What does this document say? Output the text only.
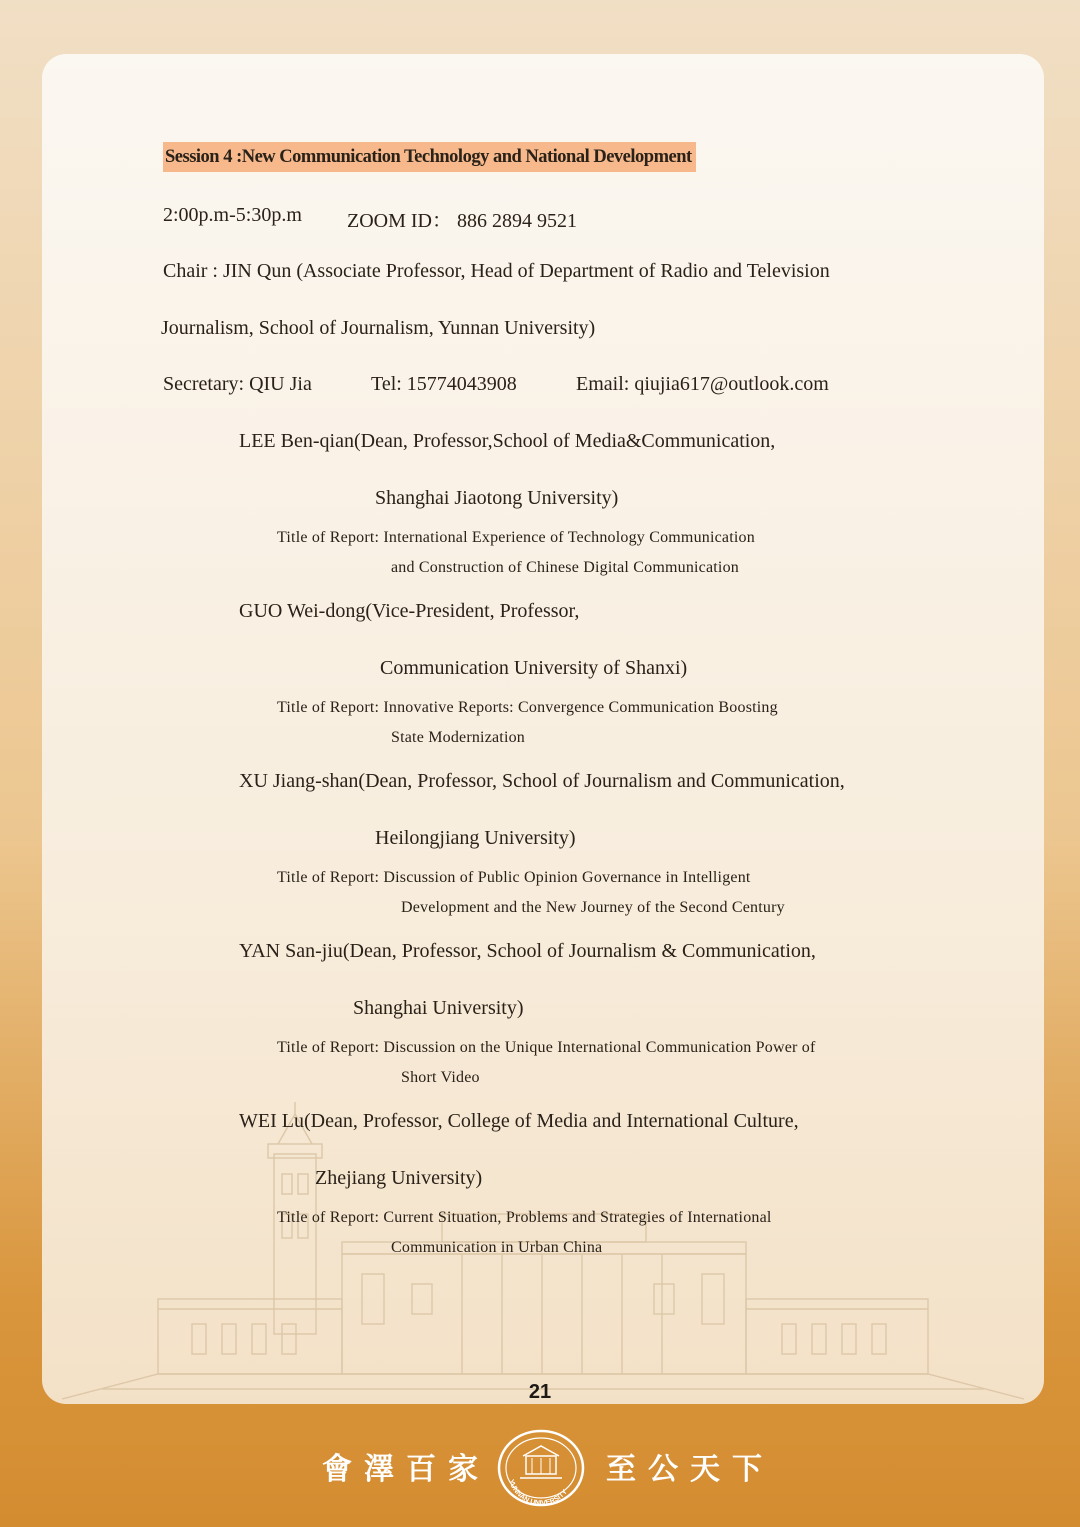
Session 4 :New Communication Technology and National Development
2:00p.m-5:30p.m ZOOM ID： 886 2894 9521
Chair : JIN Qun (Associate Professor, Head of Department of Radio and Television
Journalism, School of Journalism, Yunnan University)
Secretary: QIU Jia	Tel: 15774043908	Email: qiujia617@outlook.com
LEE Ben-qian(Dean, Professor,School of Media&Communication,
Shanghai Jiaotong University)
Title of Report: International Experience of Technology Communication
and Construction of Chinese Digital Communication
GUO Wei-dong(Vice-President, Professor,
Communication University of Shanxi)
Title of Report: Innovative Reports: Convergence Communication Boosting
State Modernization
XU Jiang-shan(Dean, Professor, School of Journalism and Communication,
Heilongjiang University)
Title of Report: Discussion of Public Opinion Governance in Intelligent
Development and the New Journey of the Second Century
YAN San-jiu(Dean, Professor, School of Journalism & Communication,
Shanghai University)
Title of Report: Discussion on the Unique International Communication Power of
Short Video
WEI Lu(Dean, Professor, College of Media and International Culture,
Zhejiang University)
Title of Report: Current Situation, Problems and Strategies of International
Communication in Urban China
21
會澤百家 YUNNAN UNIVERSITY
至公天下
